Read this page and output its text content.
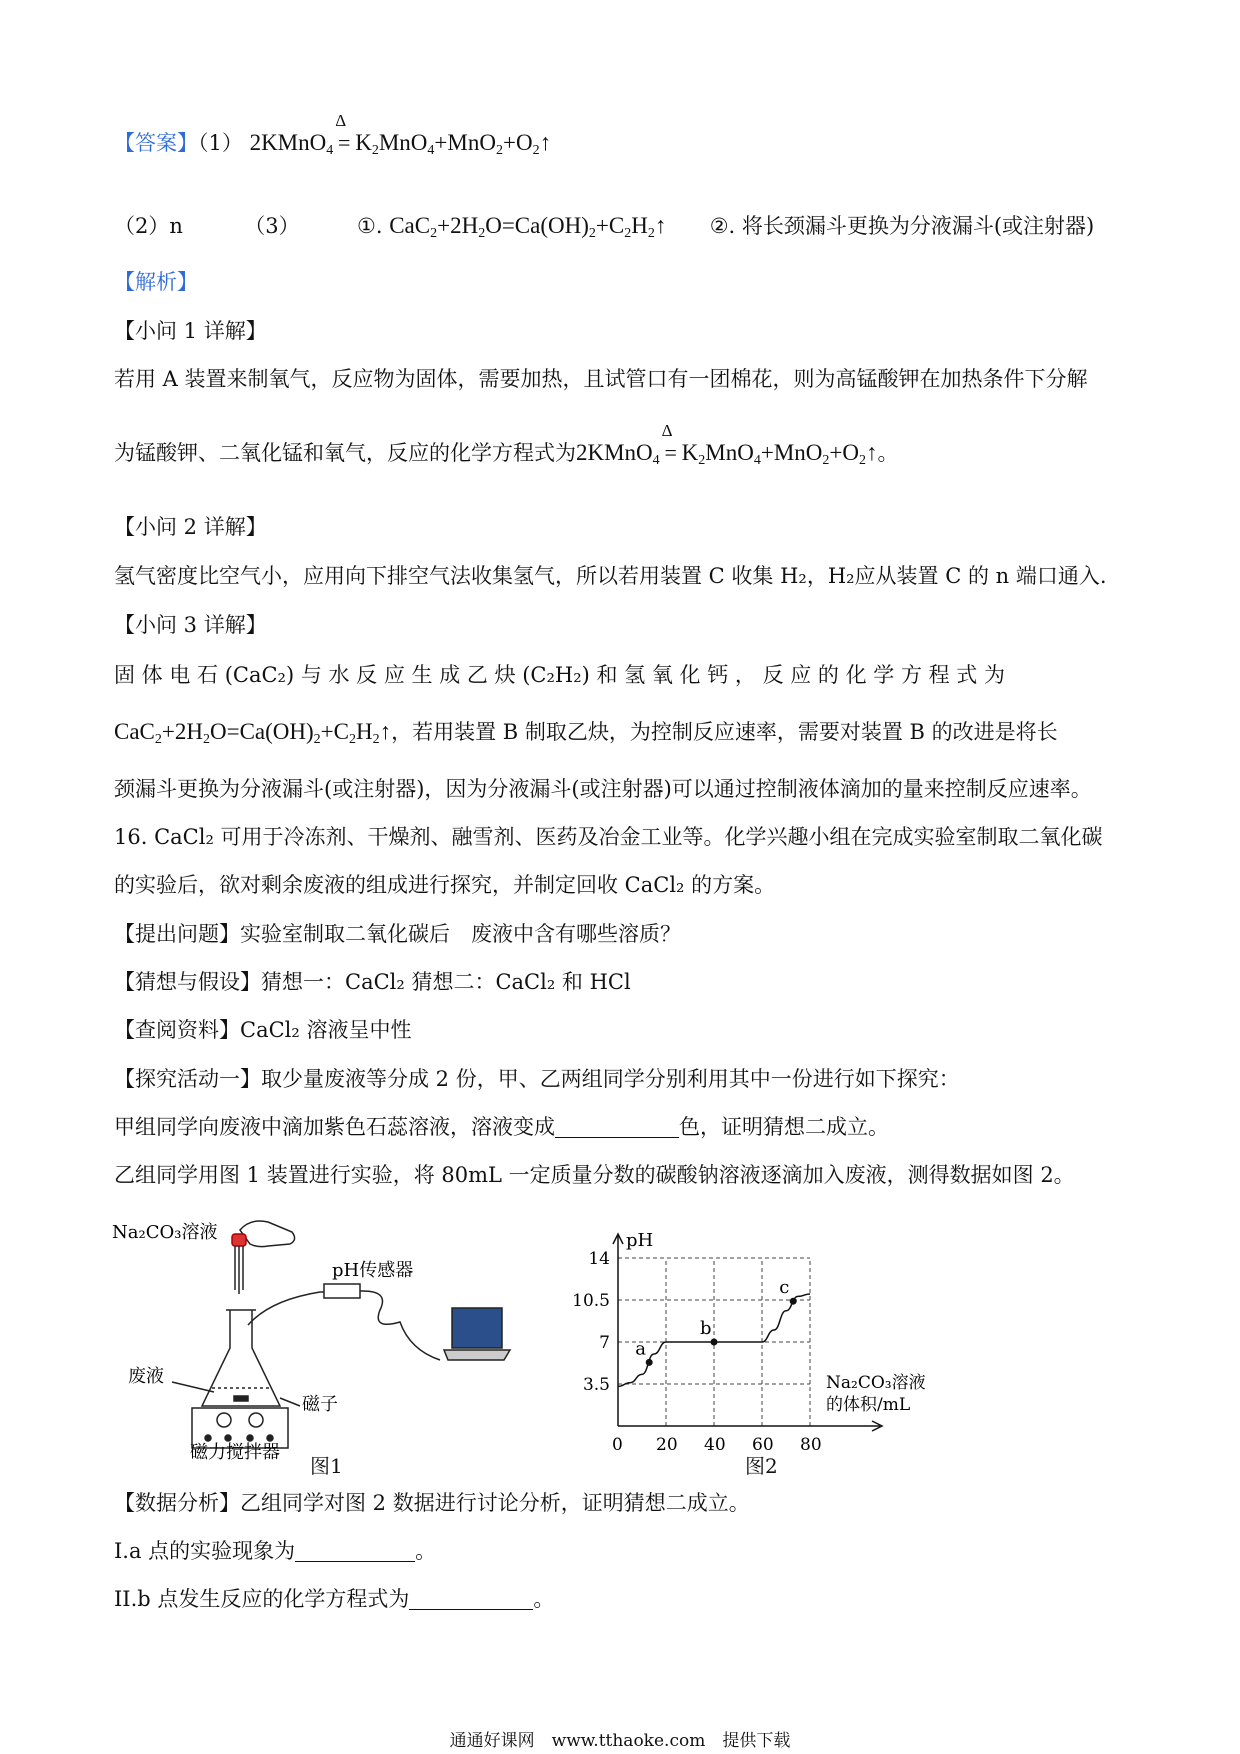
【答案】（1） 2KMnO$_4$
Δ
= $K_2MnO_4+MnO_2+O_2↑$
（2）n	（3）	①. $CaC_2+2H_2O=Ca(OH)_2+C_2H_2↑$ ②. 将长颈漏斗更换为分液漏斗(或注射器)
【解析】
【小问 1 详解】
若用 A 装置来制氧气，反应物为固体，需要加热，且试管口有一团棉花，则为高锰酸钾在加热条件下分解
为锰酸钾、二氧化锰和氧气，反应的化学方程式为2KMnO$_4$
Δ
= $K_2MnO_4+MnO_2+O_2↑$。
【小问 2 详解】
氢气密度比空气小，应用向下排空气法收集氢气，所以若用装置 C 收集 H₂，H₂应从装置 C 的 n 端口通入.
【小问 3 详解】
固 体 电 石 (CaC₂) 与 水 反 应 生 成 乙 炔 (C₂H₂) 和 氢 氧 化 钙 ， 反 应 的 化 学 方 程 式 为
$CaC_2+2H_2O=Ca(OH)_2+C_2H_2↑$，若用装置 B 制取乙炔，为控制反应速率，需要对装置 B 的改进是将长
颈漏斗更换为分液漏斗(或注射器)，因为分液漏斗(或注射器)可以通过控制液体滴加的量来控制反应速率。
16. CaCl₂ 可用于冷冻剂、干燥剂、融雪剂、医药及冶金工业等。化学兴趣小组在完成实验室制取二氧化碳
的实验后，欲对剩余废液的组成进行探究，并制定回收 CaCl₂ 的方案。
【提出问题】实验室制取二氧化碳后　废液中含有哪些溶质？
【猜想与假设】猜想一：CaCl₂ 猜想二：CaCl₂ 和 HCl
【查阅资料】CaCl₂ 溶液呈中性
【探究活动一】取少量废液等分成 2 份，甲、乙两组同学分别利用其中一份进行如下探究：
甲组同学向废液中滴加紫色石蕊溶液，溶液变成	色，证明猜想二成立。
乙组同学用图 1 装置进行实验，将 80mL 一定质量分数的碳酸钠溶液逐滴加入废液，测得数据如图 2。
Na₂CO₃溶液
pH传感器
废液
磁子
磁力搅拌器
图1
20 40 60 80
3.5
7
10.5
14
a
b
c
pH
Na₂CO₃溶液
的体积/mL
0
图2
【数据分析】乙组同学对图 2 数据进行讨论分析，证明猜想二成立。
I.a 点的实验现象为	。
II.b 点发生反应的化学方程式为	。
通通好课网　www.tthaoke.com　提供下载
